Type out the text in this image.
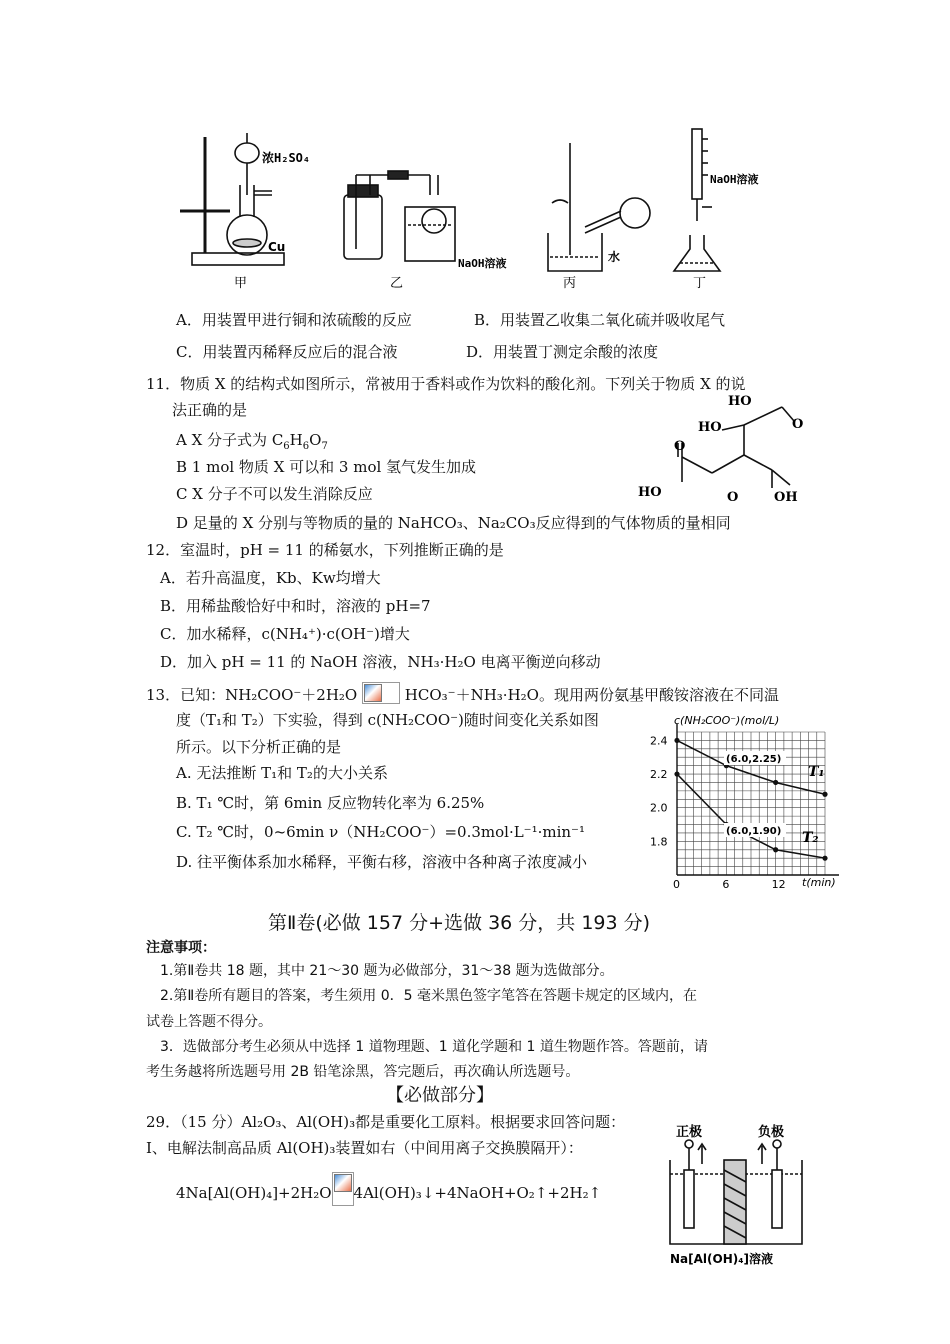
浓H₂SO₄
Cu
甲
NaOH溶液
乙
水
丙
NaOH溶液
丁
A．用装置甲进行铜和浓硫酸的反应	B．用装置乙收集二氧化硫并吸收尾气
C．用装置丙稀释反应后的混合液	D．用装置丁测定余酸的浓度
11．物质 X 的结构式如图所示，常被用于香料或作为饮料的酸化剂。下列关于物质 X 的说
法正确的是
A X 分子式为 $C_6H_6O_7$
B 1 mol 物质 X 可以和 3 mol 氢气发生加成
C X 分子不可以发生消除反应
D 足量的 X 分别与等物质的量的 NaHCO₃、Na₂CO₃反应得到的气体物质的量相同
HO
O
HO
O
HO	O	OH
12．室温时，pH = 11 的稀氨水，下列推断正确的是
A．若升高温度，Kb、Kw均增大
B．用稀盐酸恰好中和时，溶液的 pH=7
C．加水稀释，c(NH₄⁺)·c(OH⁻)增大
D．加入 pH = 11 的 NaOH 溶液，NH₃·H₂O 电离平衡逆向移动
13．已知：NH₂COO⁻＋2H₂O	HCO₃⁻＋NH₃·H₂O。现用两份氨基甲酸铵溶液在不同温
度（T₁和 T₂）下实验，得到 c(NH₂COO⁻)随时间变化关系如图
所示。以下分析正确的是
A. 无法推断 T₁和 T₂的大小关系
B. T₁ ℃时，第 6min 反应物转化率为 6.25%
C. T₂ ℃时，0~6min ν（NH₂COO⁻）=0.3mol·L⁻¹·min⁻¹
D. 往平衡体系加水稀释，平衡右移，溶液中各种离子浓度减小
0	6	12
1.8
2.0
2.2
2.4
T₁
T₂
(6.0,2.25)
(6.0,1.90)
c(NH₂COO⁻)(mol/L)
t(min)
第Ⅱ卷(必做 157 分+选做 36 分，共 193 分)
注意事项：
1.第Ⅱ卷共 18 题，其中 21～30 题为必做部分，31～38 题为选做部分。
2.第Ⅱ卷所有题目的答案，考生须用 0．5 毫米黑色签字笔答在答题卡规定的区域内，在
试卷上答题不得分。
3．选做部分考生必须从中选择 1 道物理题、1 道化学题和 1 道生物题作答。答题前，请
考生务越将所选题号用 2B 铅笔涂黑，答完题后，再次确认所选题号。
【必做部分】
29．（15 分）Al₂O₃、Al(OH)₃都是重要化工原料。根据要求回答问题：
Ⅰ、电解法制高品质 Al(OH)₃装置如右（中间用离子交换膜隔开）：
4Na[Al(OH)₄]+2H₂O 4Al(OH)₃↓+4NaOH+O₂↑+2H₂↑
正极	负极
Na[Al(OH)₄]溶液
